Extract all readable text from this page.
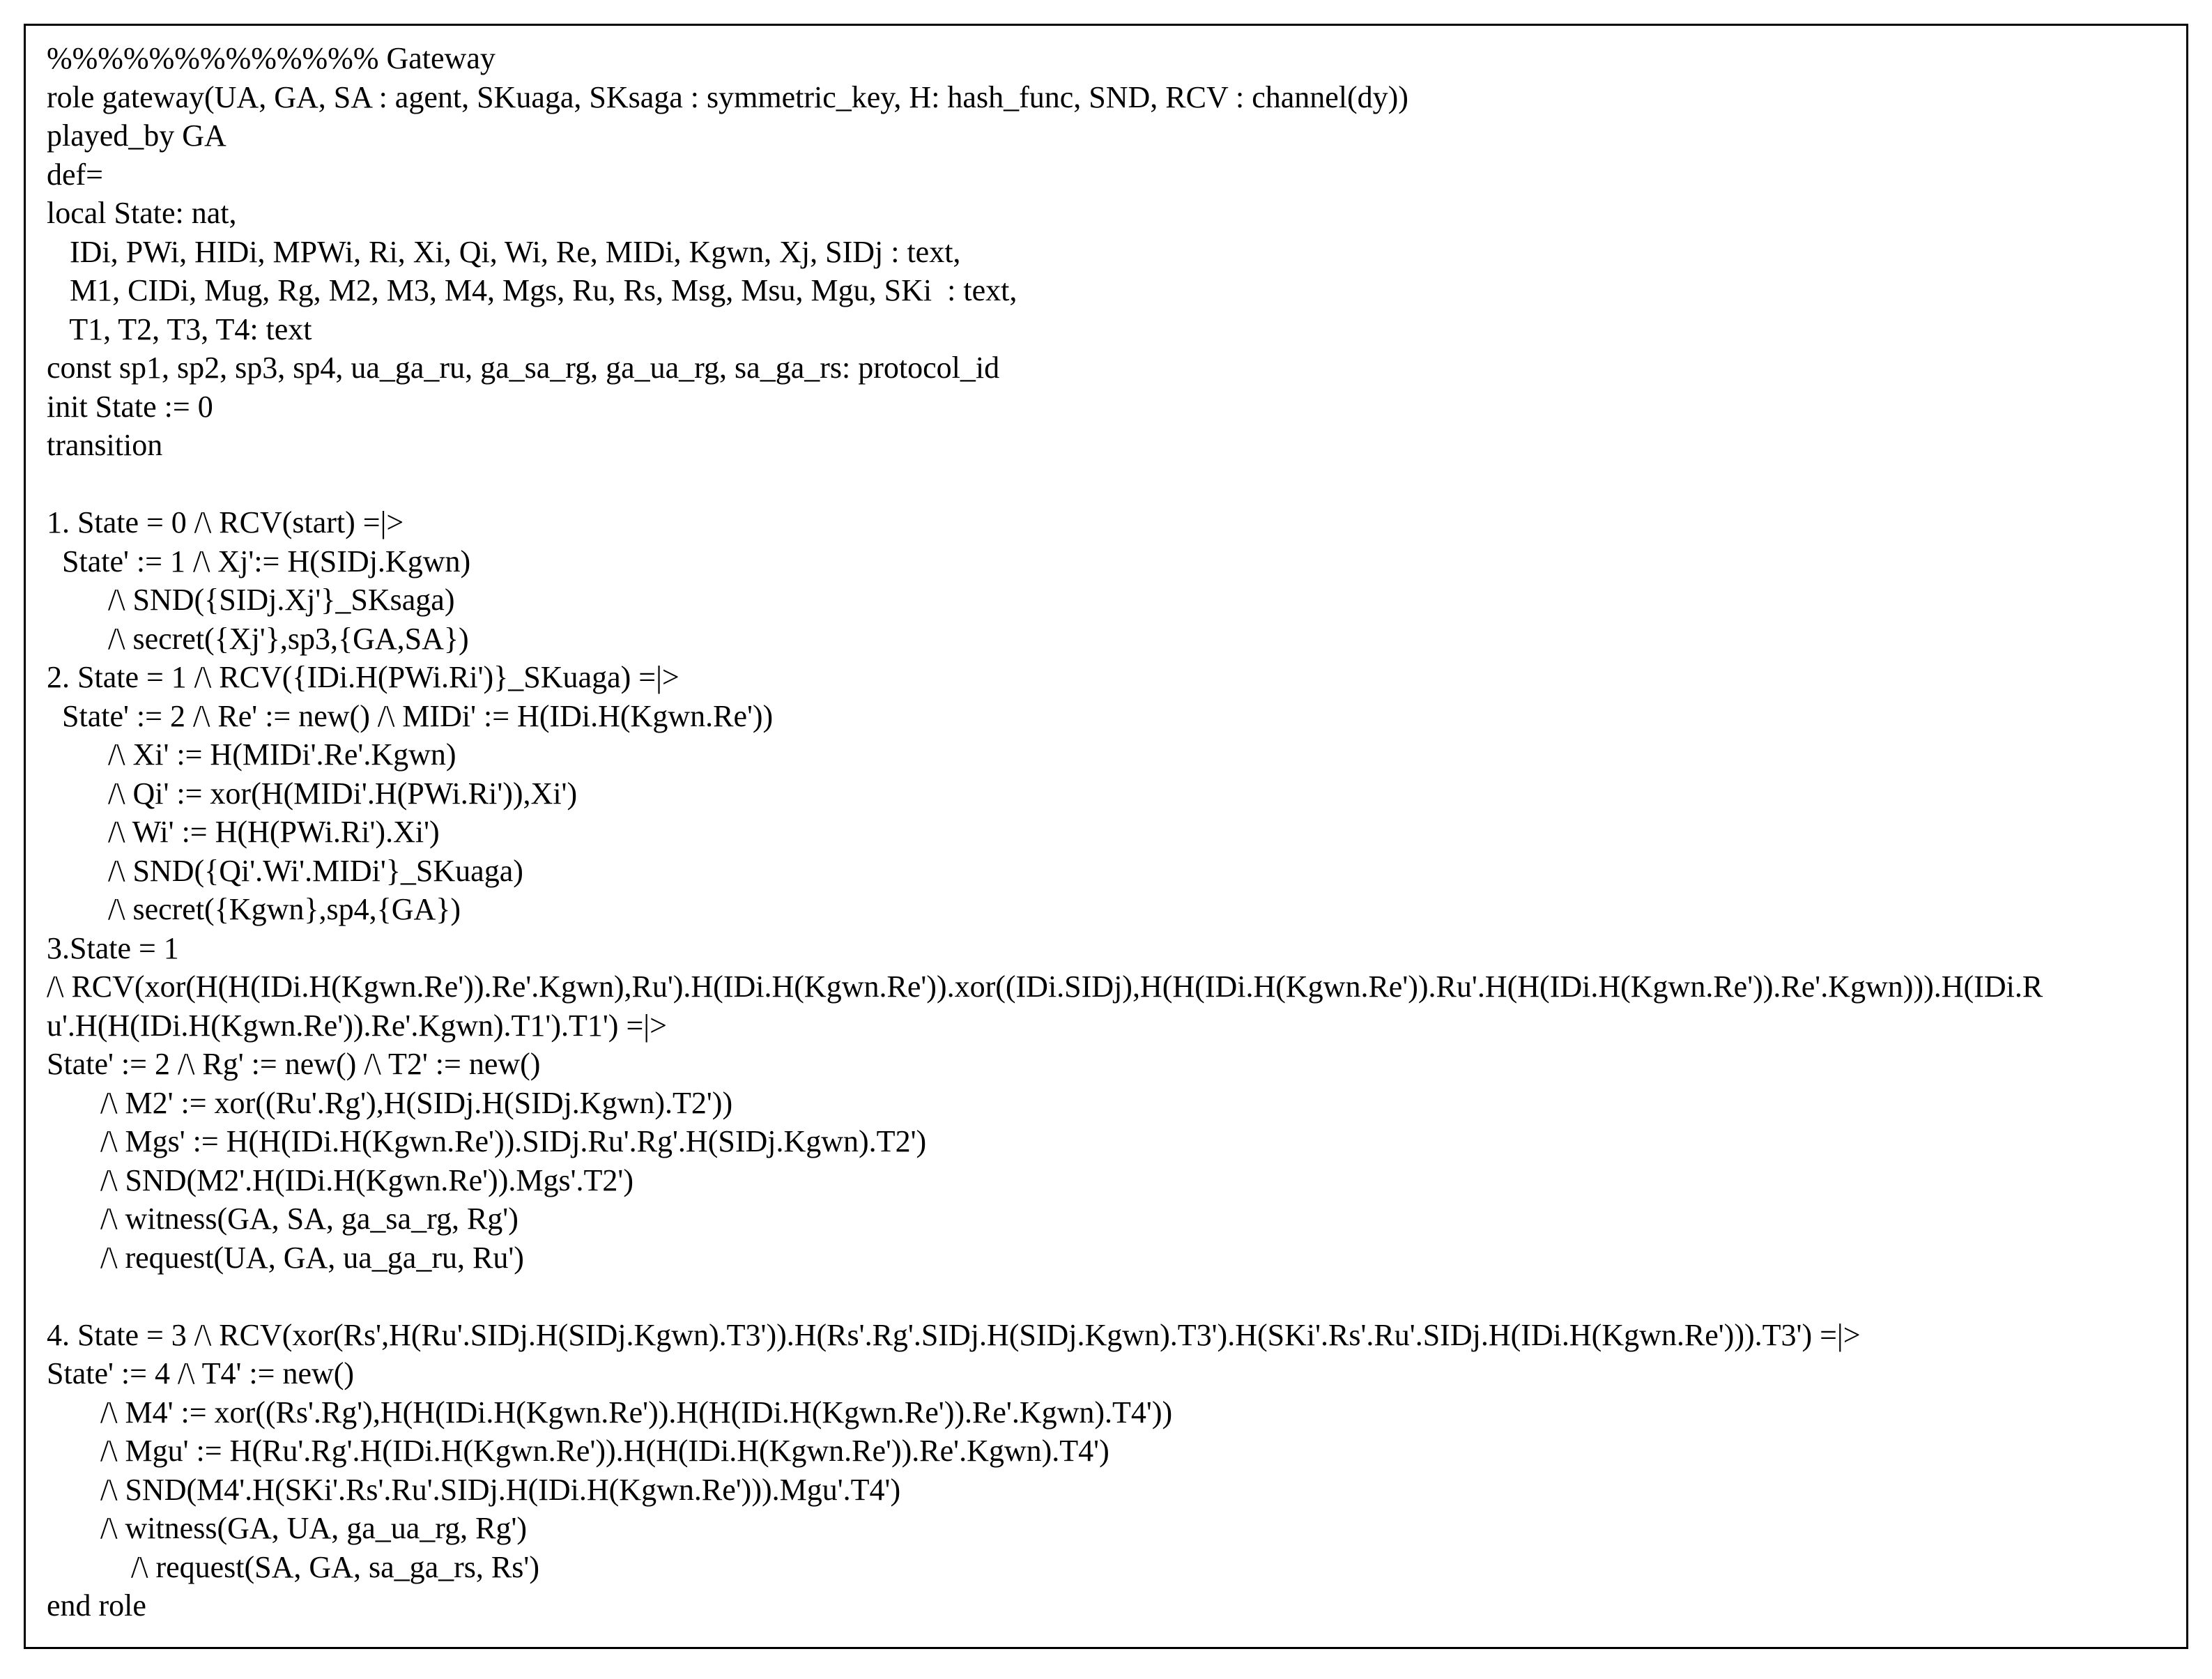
%%%%%%%%%%%%% Gateway
role gateway(UA, GA, SA : agent, SKuaga, SKsaga : symmetric_key, H: hash_func, SND, RCV : channel(dy))
played_by GA
def=
local State: nat,
IDi, PWi, HIDi, MPWi, Ri, Xi, Qi, Wi, Re, MIDi, Kgwn, Xj, SIDj : text,
M1, CIDi, Mug, Rg, M2, M3, M4, Mgs, Ru, Rs, Msg, Msu, Mgu, SKi  : text,
T1, T2, T3, T4: text
const sp1, sp2, sp3, sp4, ua_ga_ru, ga_sa_rg, ga_ua_rg, sa_ga_rs: protocol_id
init State := 0
transition
1. State = 0 /\ RCV(start) =|>
State' := 1 /\ Xj':= H(SIDj.Kgwn)
/\ SND({SIDj.Xj'}_SKsaga)
/\ secret({Xj'},sp3,{GA,SA})
2. State = 1 /\ RCV({IDi.H(PWi.Ri')}_SKuaga) =|>
State' := 2 /\ Re' := new() /\ MIDi' := H(IDi.H(Kgwn.Re'))
/\ Xi' := H(MIDi'.Re'.Kgwn)
/\ Qi' := xor(H(MIDi'.H(PWi.Ri')),Xi')
/\ Wi' := H(H(PWi.Ri').Xi')
/\ SND({Qi'.Wi'.MIDi'}_SKuaga)
/\ secret({Kgwn},sp4,{GA})
3.State = 1
/\ RCV(xor(H(H(IDi.H(Kgwn.Re')).Re'.Kgwn),Ru').H(IDi.H(Kgwn.Re')).xor((IDi.SIDj),H(H(IDi.H(Kgwn.Re')).Ru'.H(H(IDi.H(Kgwn.Re')).Re'.Kgwn))).H(IDi.R
u'.H(H(IDi.H(Kgwn.Re')).Re'.Kgwn).T1').T1') =|>
State' := 2 /\ Rg' := new() /\ T2' := new()
/\ M2' := xor((Ru'.Rg'),H(SIDj.H(SIDj.Kgwn).T2'))
/\ Mgs' := H(H(IDi.H(Kgwn.Re')).SIDj.Ru'.Rg'.H(SIDj.Kgwn).T2')
/\ SND(M2'.H(IDi.H(Kgwn.Re')).Mgs'.T2')
/\ witness(GA, SA, ga_sa_rg, Rg')
/\ request(UA, GA, ua_ga_ru, Ru')
4. State = 3 /\ RCV(xor(Rs',H(Ru'.SIDj.H(SIDj.Kgwn).T3')).H(Rs'.Rg'.SIDj.H(SIDj.Kgwn).T3').H(SKi'.Rs'.Ru'.SIDj.H(IDi.H(Kgwn.Re'))).T3') =|>
State' := 4 /\ T4' := new()
/\ M4' := xor((Rs'.Rg'),H(H(IDi.H(Kgwn.Re')).H(H(IDi.H(Kgwn.Re')).Re'.Kgwn).T4'))
/\ Mgu' := H(Ru'.Rg'.H(IDi.H(Kgwn.Re')).H(H(IDi.H(Kgwn.Re')).Re'.Kgwn).T4')
/\ SND(M4'.H(SKi'.Rs'.Ru'.SIDj.H(IDi.H(Kgwn.Re'))).Mgu'.T4')
/\ witness(GA, UA, ga_ua_rg, Rg')
/\ request(SA, GA, sa_ga_rs, Rs')
end role
